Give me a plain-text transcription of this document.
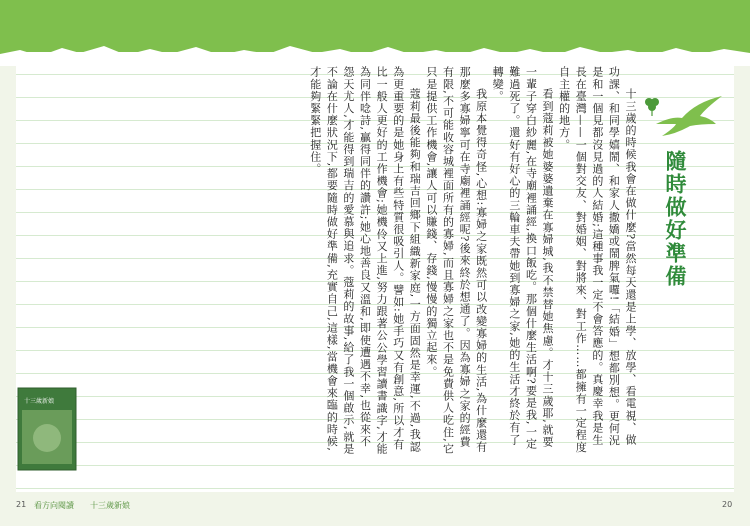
十三歲的時候我會在做什麼?當然每天還是上學、放學、看電視、做功課、和同學嬉鬧、和家人撒嬌或鬧脾氣囉!「結婚」想都別想。更何況是和一個見都沒見過的人結婚;這種事我一定不會答應的。真慶幸我是生長在臺灣——一個對交友、對婚姻、對將來、對工作……都擁有一定程度自主權的地方。

看到蔻莉被她婆婆遺棄在寡婦城,我不禁替她焦慮。才十三歲耶,就要一輩子穿白紗麗,在寺廟裡誦經,換口飯吃。那個什麼生活啊?要是我,一定難過死了。還好有好心的三輪車夫帶她到寡婦之家,她的生活才終於有了轉變。

我原本覺得奇怪,心想:寡婦之家既然可以改變寡婦的生活,為什麼還有那麼多寡婦寧可在寺廟裡誦經呢?後來終於想通了。因為寡婦之家的經費有限,不可能收容城裡面所有的寡婦,而且寡婦之家也不是免費供人吃住,它只是提供工作機會,讓人可以賺錢、存錢,慢慢的獨立起來。

蔻莉最後能夠和瑞吉回鄉下組織新家庭,一方面固然是幸運,不過,我認為更重要的是她身上有些特質很吸引人。譬如:她手巧又有創意,所以才有比一般人更好的工作機會;她機伶又上進,努力跟著公公學習讀書識字,才能為同伴唸詩,贏得同伴的讚許;她心地善良又溫和,即使遭遇不幸,也從來不怨天尤人,才能得到瑞吉的愛慕與追求。蔻莉的故事,給了我一個啟示,就是不論在什麼狀況下,都要隨時做好準備,充實自己,這樣,當機會來臨的時候,才能夠緊緊把握住。

隨時做好準備
十三歲新娘
21 看方向閱讀 十三歲新娘	20
